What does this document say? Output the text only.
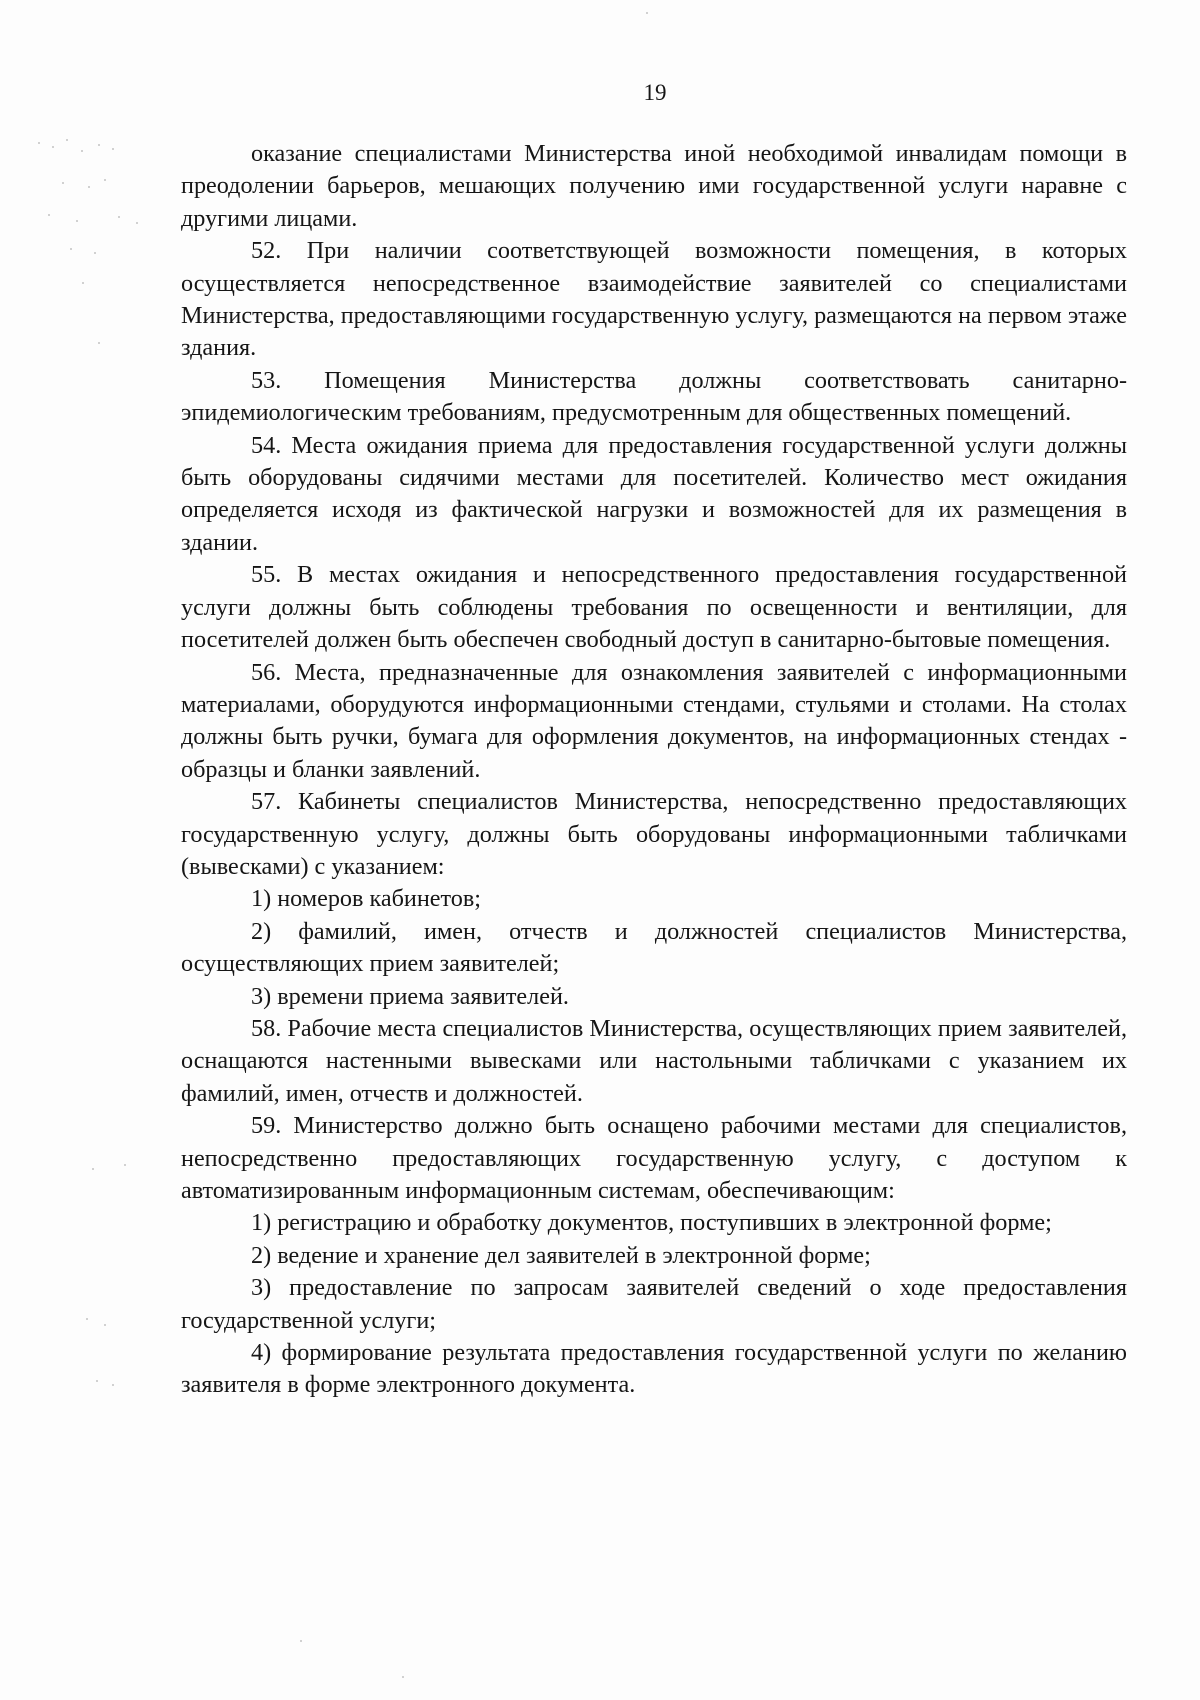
19

оказание специалистами Министерства иной необходимой инвалидам помощи в преодолении барьеров, мешающих получению ими государственной услуги наравне с другими лицами.

52. При наличии соответствующей возможности помещения, в которых осуществляется непосредственное взаимодействие заявителей со специалистами Министерства, предоставляющими государственную услугу, размещаются на первом этаже здания.

53. Помещения Министерства должны соответствовать санитарно-эпидемиологическим требованиям, предусмотренным для общественных помещений.

54. Места ожидания приема для предоставления государственной услуги должны быть оборудованы сидячими местами для посетителей. Количество мест ожидания определяется исходя из фактической нагрузки и возможностей для их размещения в здании.

55. В местах ожидания и непосредственного предоставления государственной услуги должны быть соблюдены требования по освещенности и вентиляции, для посетителей должен быть обеспечен свободный доступ в санитарно-бытовые помещения.

56. Места, предназначенные для ознакомления заявителей с информационными материалами, оборудуются информационными стендами, стульями и столами. На столах должны быть ручки, бумага для оформления документов, на информационных стендах - образцы и бланки заявлений.

57. Кабинеты специалистов Министерства, непосредственно предоставляющих государственную услугу, должны быть оборудованы информационными табличками (вывесками) с указанием:

1) номеров кабинетов;

2) фамилий, имен, отчеств и должностей специалистов Министерства, осуществляющих прием заявителей;

3) времени приема заявителей.

58. Рабочие места специалистов Министерства, осуществляющих прием заявителей, оснащаются настенными вывесками или настольными табличками с указанием их фамилий, имен, отчеств и должностей.

59. Министерство должно быть оснащено рабочими местами для специалистов, непосредственно предоставляющих государственную услугу, с доступом к автоматизированным информационным системам, обеспечивающим:

1) регистрацию и обработку документов, поступивших в электронной форме;

2) ведение и хранение дел заявителей в электронной форме;

3) предоставление по запросам заявителей сведений о ходе предоставления государственной услуги;

4) формирование результата предоставления государственной услуги по желанию заявителя в форме электронного документа.
